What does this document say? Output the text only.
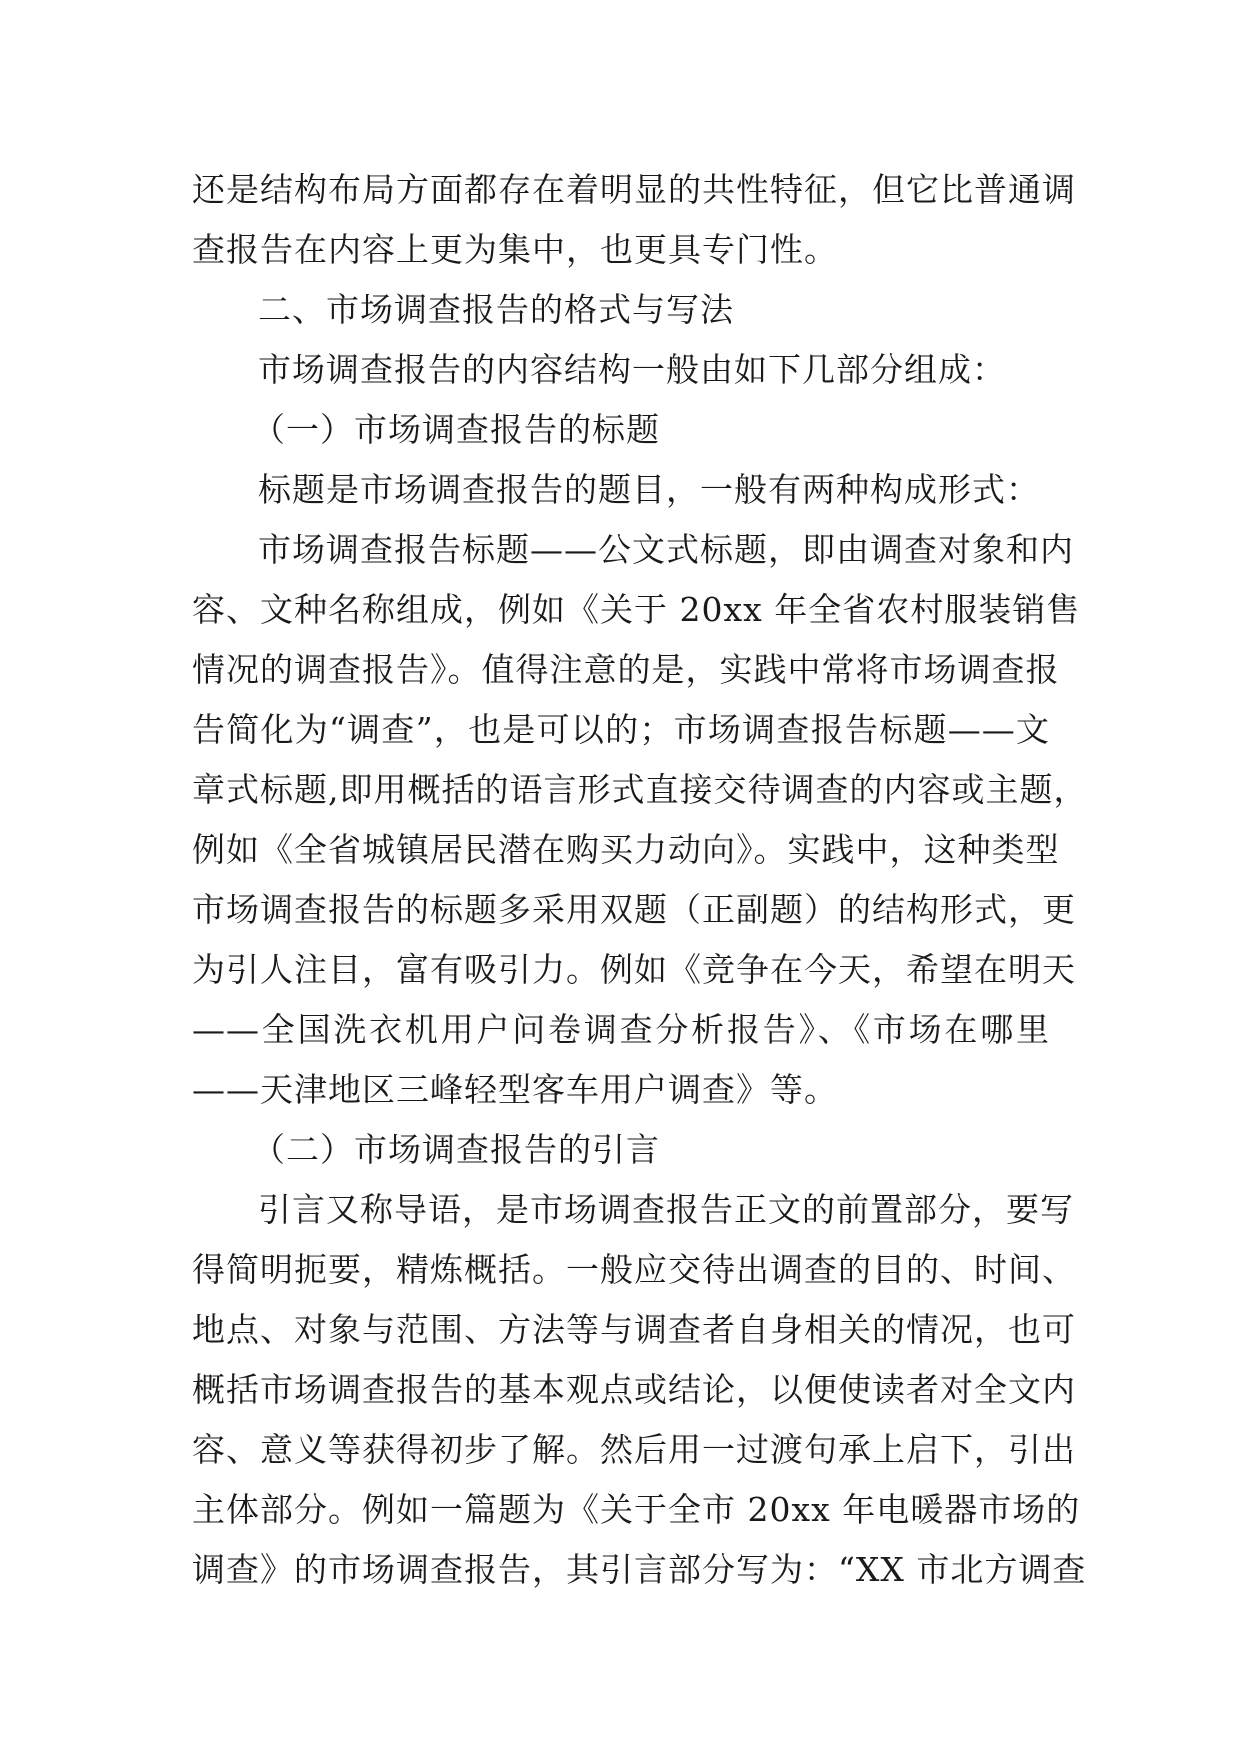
还是结构布局方面都存在着明显的共性特征，但它比普通调
查报告在内容上更为集中，也更具专门性。

二、市场调查报告的格式与写法

市场调查报告的内容结构一般由如下几部分组成：

（一）市场调查报告的标题

标题是市场调查报告的题目，一般有两种构成形式：

市场调查报告标题——公文式标题，即由调查对象和内
容、文种名称组成，例如《关于 20xx 年全省农村服装销售
情况的调查报告》。值得注意的是，实践中常将市场调查报
告简化为“调查”，也是可以的；市场调查报告标题——文
章式标题,即用概括的语言形式直接交待调查的内容或主题，
例如《全省城镇居民潜在购买力动向》。实践中，这种类型
市场调查报告的标题多采用双题（正副题）的结构形式，更
为引人注目，富有吸引力。例如《竞争在今天，希望在明天
——全国洗衣机用户问卷调查分析报告》、《市场在哪里
——天津地区三峰轻型客车用户调查》等。

（二）市场调查报告的引言

引言又称导语，是市场调查报告正文的前置部分，要写
得简明扼要，精炼概括。一般应交待出调查的目的、时间、
地点、对象与范围、方法等与调查者自身相关的情况，也可
概括市场调查报告的基本观点或结论，以便使读者对全文内
容、意义等获得初步了解。然后用一过渡句承上启下，引出
主体部分。例如一篇题为《关于全市 20xx 年电暖器市场的
调查》的市场调查报告，其引言部分写为：“XX 市北方调查
